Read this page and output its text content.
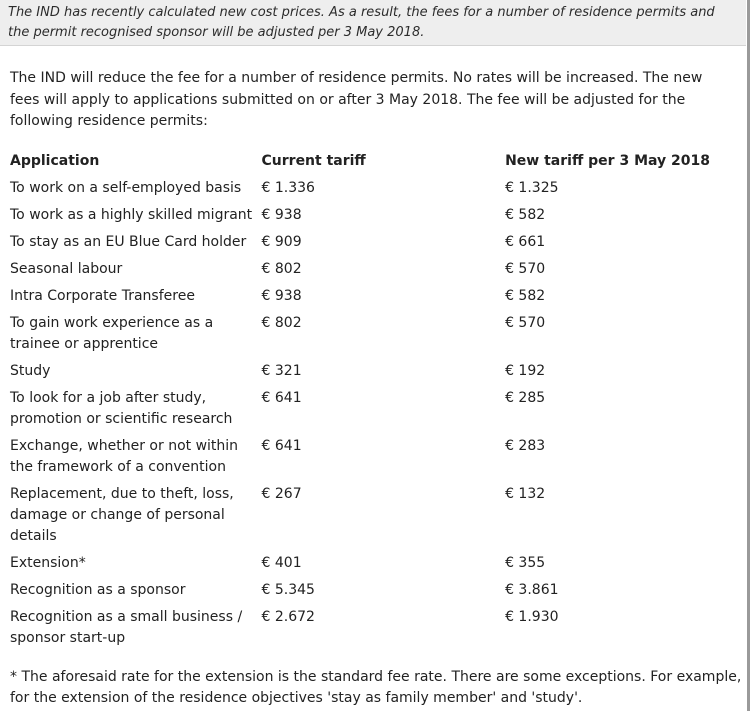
The IND has recently calculated new cost prices. As a result, the fees for a number of residence permits and the permit recognised sponsor will be adjusted per 3 May 2018.

The IND will reduce the fee for a number of residence permits. No rates will be increased. The new fees will apply to applications submitted on or after 3 May 2018. The fee will be adjusted for the following residence permits:

Application	Current tariff	New tariff per 3 May 2018
To work on a self-employed basis	€ 1.336	€ 1.325
To work as a highly skilled migrant	€ 938	€ 582
To stay as an EU Blue Card holder	€ 909	€ 661
Seasonal labour	€ 802	€ 570
Intra Corporate Transferee	€ 938	€ 582
To gain work experience as a trainee or apprentice	€ 802	€ 570
Study	€ 321	€ 192
To look for a job after study, promotion or scientific research	€ 641	€ 285
Exchange, whether or not within the framework of a convention	€ 641	€ 283
Replacement, due to theft, loss, damage or change of personal details	€ 267	€ 132
Extension*	€ 401	€ 355
Recognition as a sponsor	€ 5.345	€ 3.861
Recognition as a small business / sponsor start-up	€ 2.672	€ 1.930

* The aforesaid rate for the extension is the standard fee rate. There are some exceptions. For example, for the extension of the residence objectives 'stay as family member' and 'study'.
